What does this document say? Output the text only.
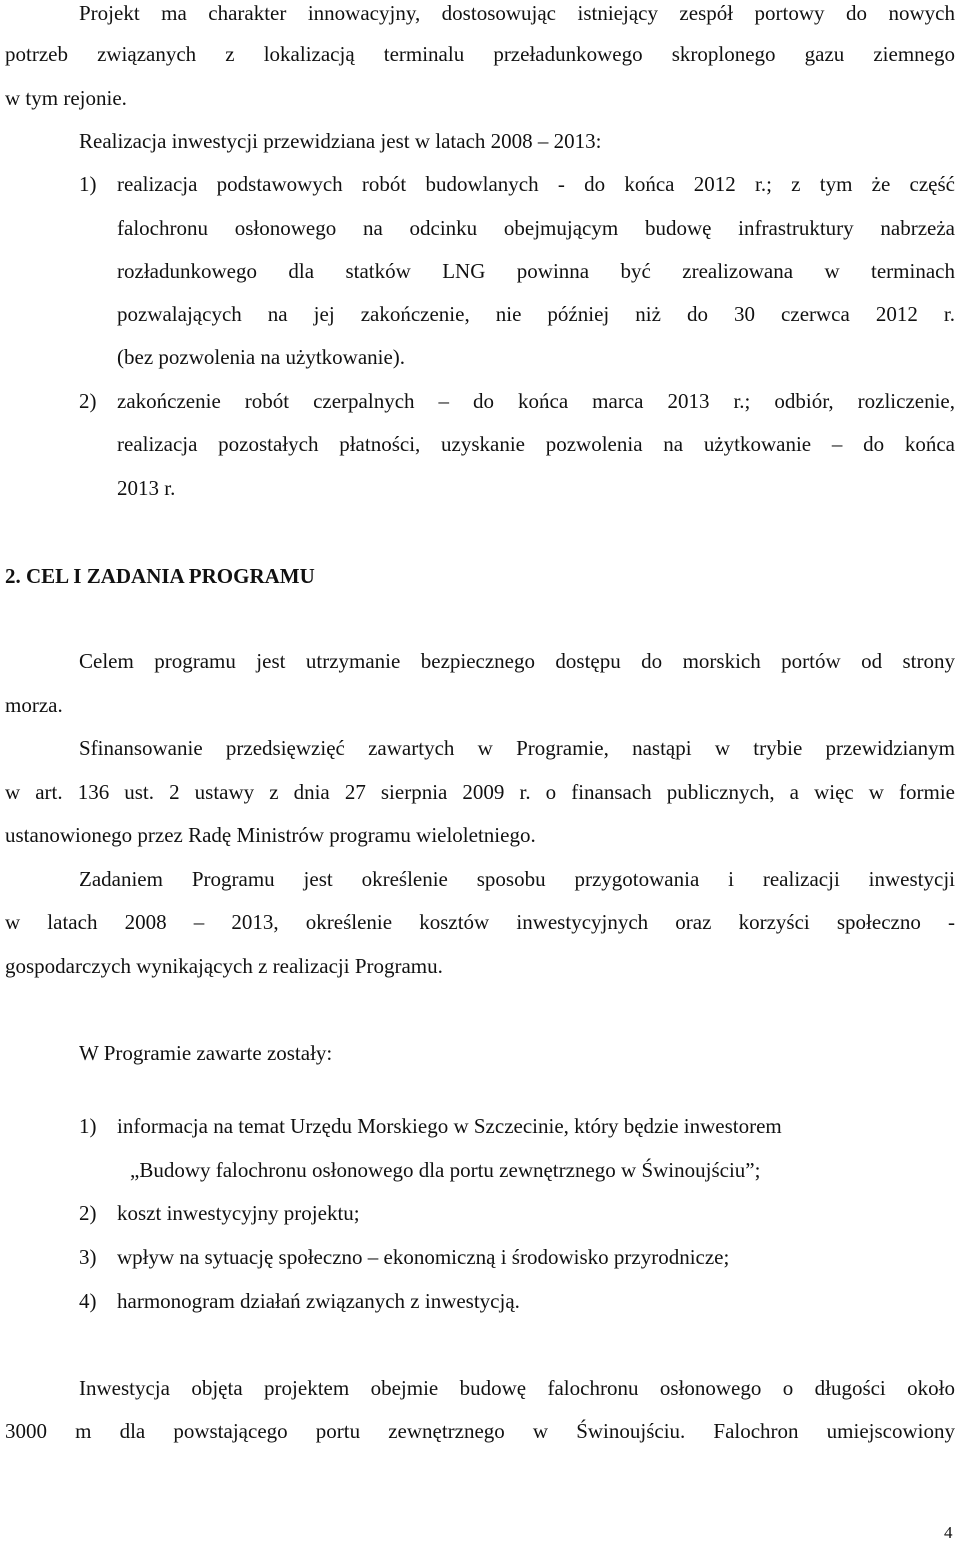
Projekt ma charakter innowacyjny, dostosowując istniejący zespół portowy do nowych
potrzeb związanych z lokalizacją terminalu przeładunkowego skroplonego gazu ziemnego
w tym rejonie.
Realizacja inwestycji przewidziana jest w latach 2008 – 2013:
1) realizacja podstawowych robót budowlanych - do końca 2012 r.; z tym że część
falochronu osłonowego na odcinku obejmującym budowę infrastruktury nabrzeża
rozładunkowego dla statków LNG powinna być zrealizowana w terminach
pozwalających na jej zakończenie, nie później niż do 30 czerwca 2012 r.
(bez pozwolenia na użytkowanie).
2) zakończenie robót czerpalnych – do końca marca 2013 r.; odbiór, rozliczenie,
realizacja pozostałych płatności, uzyskanie pozwolenia na użytkowanie – do końca
2013 r.
2. CEL I ZADANIA PROGRAMU
Celem programu jest utrzymanie bezpiecznego dostępu do morskich portów od strony
morza.
Sfinansowanie przedsięwzięć zawartych w Programie, nastąpi w trybie przewidzianym
w art. 136 ust. 2 ustawy z dnia 27 sierpnia 2009 r. o finansach publicznych, a więc w formie
ustanowionego przez Radę Ministrów programu wieloletniego.
Zadaniem Programu jest określenie sposobu przygotowania i realizacji inwestycji
w latach 2008 – 2013, określenie kosztów inwestycyjnych oraz korzyści społeczno -
gospodarczych wynikających z realizacji Programu.
W Programie zawarte zostały:
1) informacja na temat Urzędu Morskiego w Szczecinie, który będzie inwestorem
„Budowy falochronu osłonowego dla portu zewnętrznego w Świnoujściu”;
2) koszt inwestycyjny projektu;
3) wpływ na sytuację społeczno – ekonomiczną i środowisko przyrodnicze;
4) harmonogram działań związanych z inwestycją.
Inwestycja objęta projektem obejmie budowę falochronu osłonowego o długości około
3000 m dla powstającego portu zewnętrznego w Świnoujściu. Falochron umiejscowiony
4
